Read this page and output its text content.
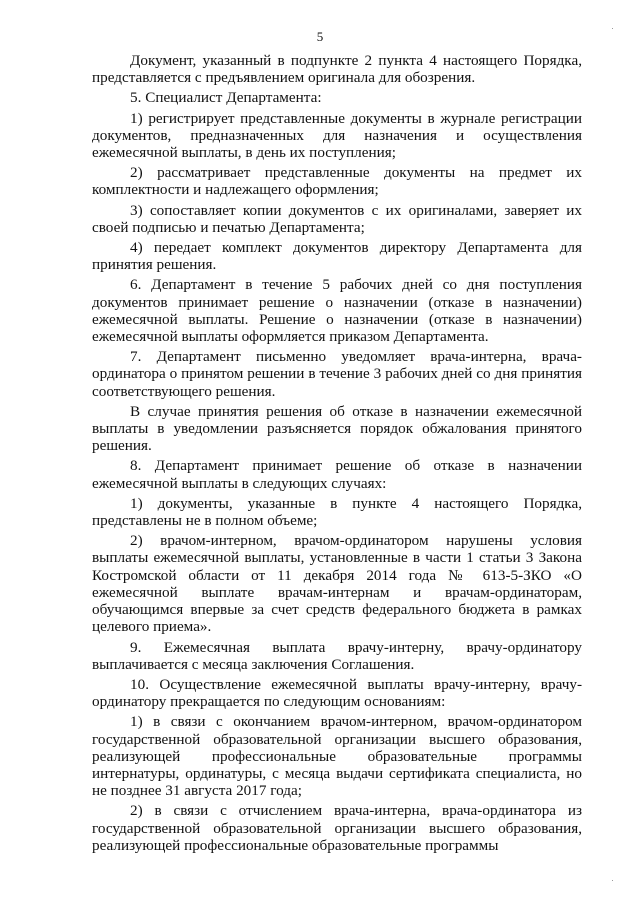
5

Документ, указанный в подпункте 2 пункта 4 настоящего Порядка, представляется с предъявлением оригинала для обозрения.

5. Специалист Департамента:

1) регистрирует представленные документы в журнале регистрации документов, предназначенных для назначения и осуществления ежемесячной выплаты, в день их поступления;

2) рассматривает представленные документы на предмет их комплектности и надлежащего оформления;

3) сопоставляет копии документов с их оригиналами, заверяет их своей подписью и печатью Департамента;

4) передает комплект документов директору Департамента для принятия решения.

6. Департамент в течение 5 рабочих дней со дня поступления документов принимает решение о назначении (отказе в назначении) ежемесячной выплаты. Решение о назначении (отказе в назначении) ежемесячной выплаты оформляется приказом Департамента.

7. Департамент письменно уведомляет врача-интерна, врача-ординатора о принятом решении в течение 3 рабочих дней со дня принятия соответствующего решения.

В случае принятия решения об отказе в назначении ежемесячной выплаты в уведомлении разъясняется порядок обжалования принятого решения.

8. Департамент принимает решение об отказе в назначении ежемесячной выплаты в следующих случаях:

1) документы, указанные в пункте 4 настоящего Порядка, представлены не в полном объеме;

2) врачом-интерном, врачом-ординатором нарушены условия выплаты ежемесячной выплаты, установленные в части 1 статьи 3 Закона Костромской области от 11 декабря 2014 года № 613-5-ЗКО «О ежемесячной выплате врачам-интернам и врачам-ординаторам, обучающимся впервые за счет средств федерального бюджета в рамках целевого приема».

9. Ежемесячная выплата врачу-интерну, врачу-ординатору выплачивается с месяца заключения Соглашения.

10. Осуществление ежемесячной выплаты врачу-интерну, врачу-ординатору прекращается по следующим основаниям:

1) в связи с окончанием врачом-интерном, врачом-ординатором государственной образовательной организации высшего образования, реализующей профессиональные образовательные программы интернатуры, ординатуры, с месяца выдачи сертификата специалиста, но не позднее 31 августа 2017 года;

2) в связи с отчислением врача-интерна, врача-ординатора из государственной образовательной организации высшего образования, реализующей профессиональные образовательные программы
